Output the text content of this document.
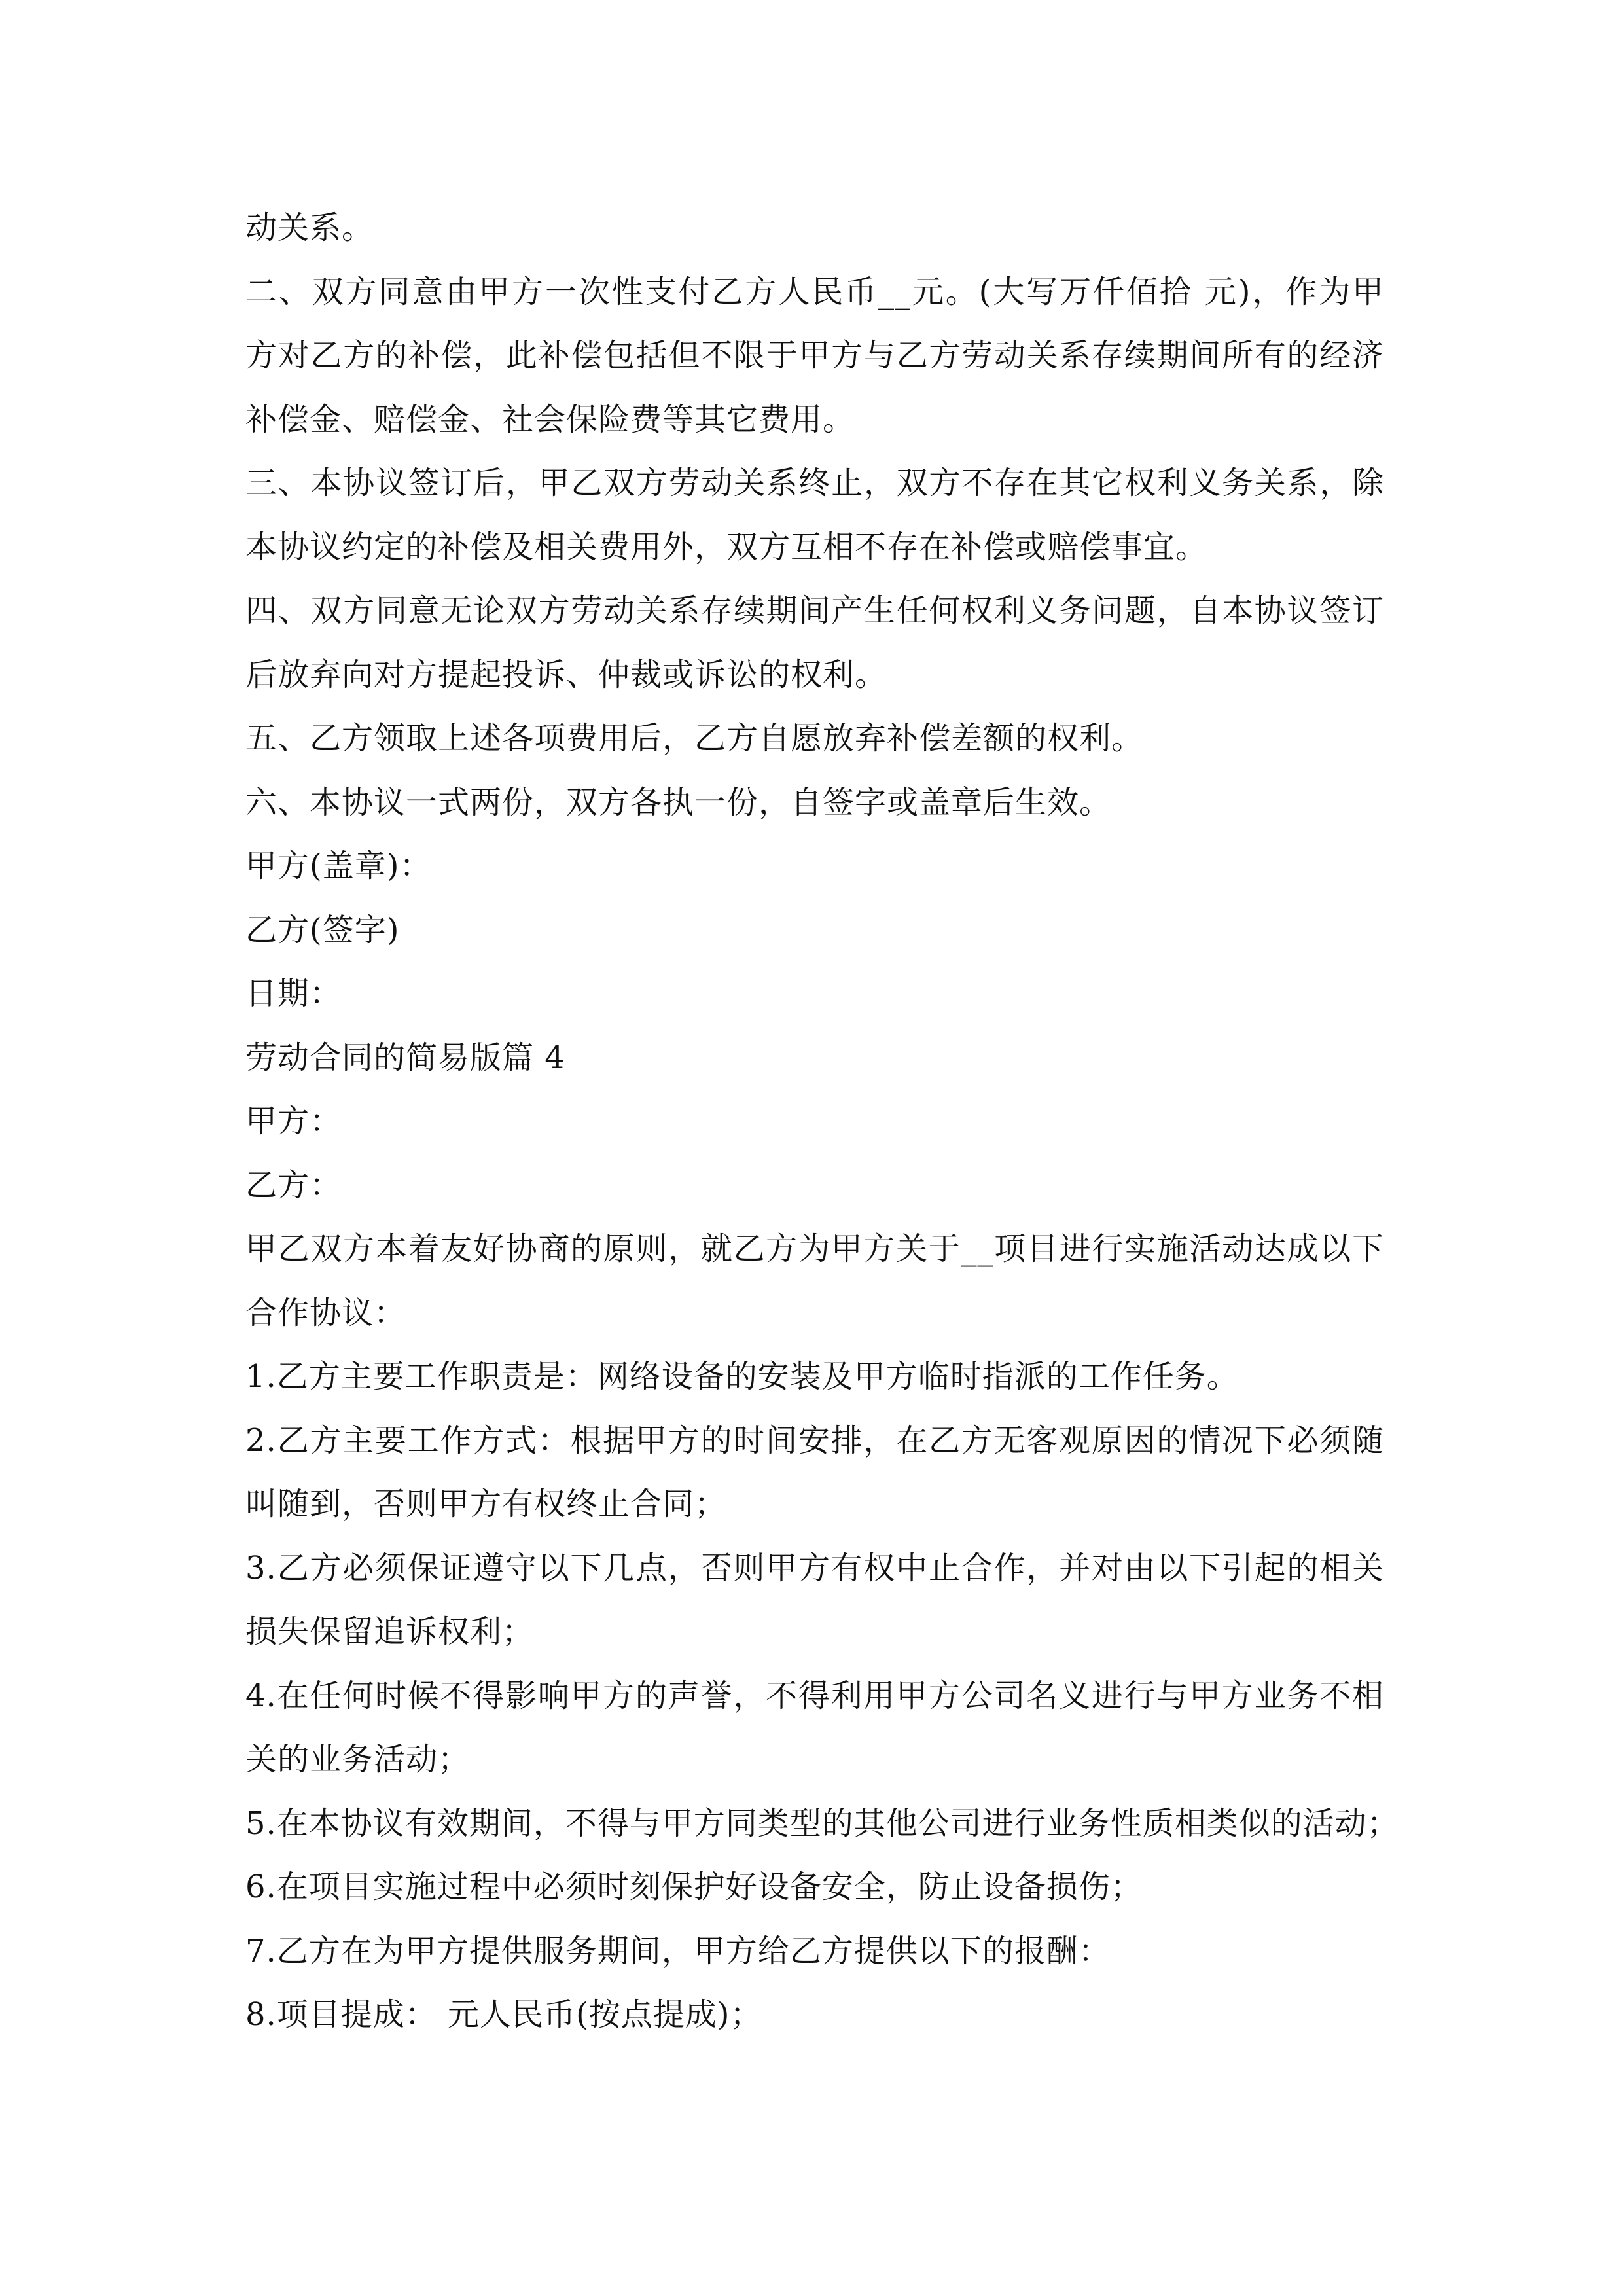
动关系。
二、双方同意由甲方一次性支付乙方人民币__元。(大写万仟佰拾 元)，作为甲
方对乙方的补偿，此补偿包括但不限于甲方与乙方劳动关系存续期间所有的经济
补偿金、赔偿金、社会保险费等其它费用。
三、本协议签订后，甲乙双方劳动关系终止，双方不存在其它权利义务关系，除
本协议约定的补偿及相关费用外，双方互相不存在补偿或赔偿事宜。
四、双方同意无论双方劳动关系存续期间产生任何权利义务问题，自本协议签订
后放弃向对方提起投诉、仲裁或诉讼的权利。
五、乙方领取上述各项费用后，乙方自愿放弃补偿差额的权利。
六、本协议一式两份，双方各执一份，自签字或盖章后生效。
甲方(盖章)：
乙方(签字)
日期：
劳动合同的简易版篇 4
甲方：
乙方：
甲乙双方本着友好协商的原则，就乙方为甲方关于__项目进行实施活动达成以下
合作协议：
1.乙方主要工作职责是：网络设备的安装及甲方临时指派的工作任务。
2.乙方主要工作方式：根据甲方的时间安排，在乙方无客观原因的情况下必须随
叫随到，否则甲方有权终止合同；
3.乙方必须保证遵守以下几点，否则甲方有权中止合作，并对由以下引起的相关
损失保留追诉权利；
4.在任何时候不得影响甲方的声誉，不得利用甲方公司名义进行与甲方业务不相
关的业务活动；
5.在本协议有效期间，不得与甲方同类型的其他公司进行业务性质相类似的活动；
6.在项目实施过程中必须时刻保护好设备安全，防止设备损伤；
7.乙方在为甲方提供服务期间，甲方给乙方提供以下的报酬：
8.项目提成： 元人民币(按点提成)；
